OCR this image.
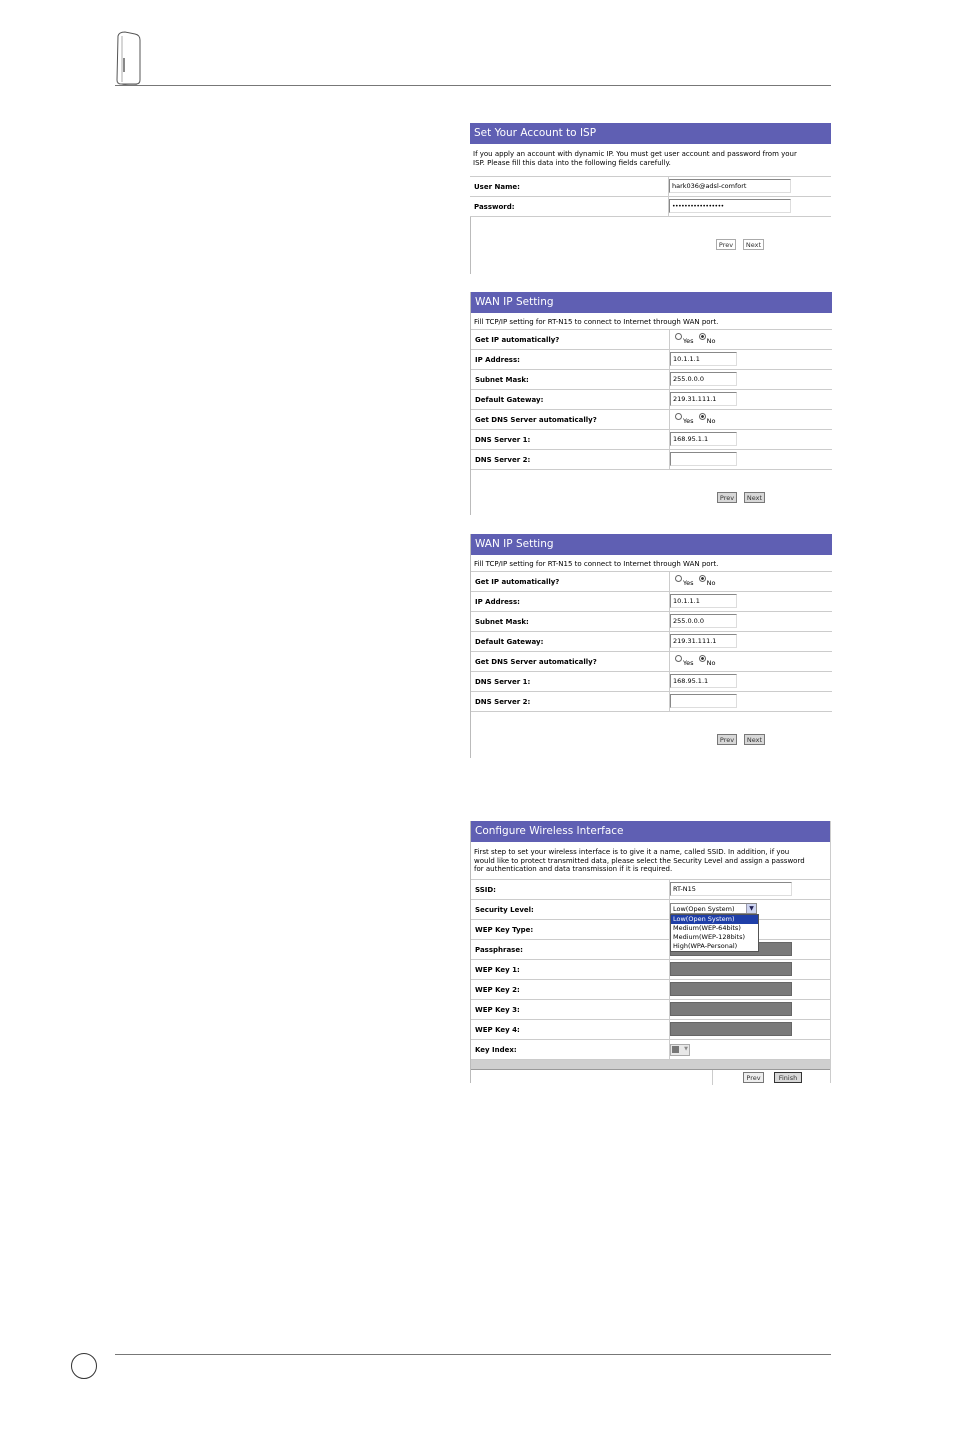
Set Your Account to ISP
If you apply an account with dynamic IP. You must get user account and password from your
ISP. Please fill this data into the following fields carefully.
User Name:	hark036@adsl-comfort
Password:	•••••••••••••••••
Prev	Next
WAN IP Setting
Fill TCP/IP setting for RT-N15 to connect to Internet through WAN port.
Get IP automatically?	Yes No
IP Address:	10.1.1.1
Subnet Mask:	255.0.0.0
Default Gateway:	219.31.111.1
Get DNS Server automatically?	Yes No
DNS Server 1:	168.95.1.1
DNS Server 2:
Prev	Next
WAN IP Setting
Fill TCP/IP setting for RT-N15 to connect to Internet through WAN port.
Get IP automatically?	Yes No
IP Address:	10.1.1.1
Subnet Mask:	255.0.0.0
Default Gateway:	219.31.111.1
Get DNS Server automatically?	Yes No
DNS Server 1:	168.95.1.1
DNS Server 2:
Prev	Next
Configure Wireless Interface
First step to set your wireless interface is to give it a name, called SSID. In addition, if you
would like to protect transmitted data, please select the Security Level and assign a password
for authentication and data transmission if it is required.
SSID:	RT-N15
Security Level:	Low(Open System)	▼
Low(Open System)
Medium(WEP-64bits)
Medium(WEP-128bits)
High(WPA-Personal)
WEP Key Type:
Passphrase:
WEP Key 1:
WEP Key 2:
WEP Key 3:
WEP Key 4:
Key Index:	▼
Prev	Finish
